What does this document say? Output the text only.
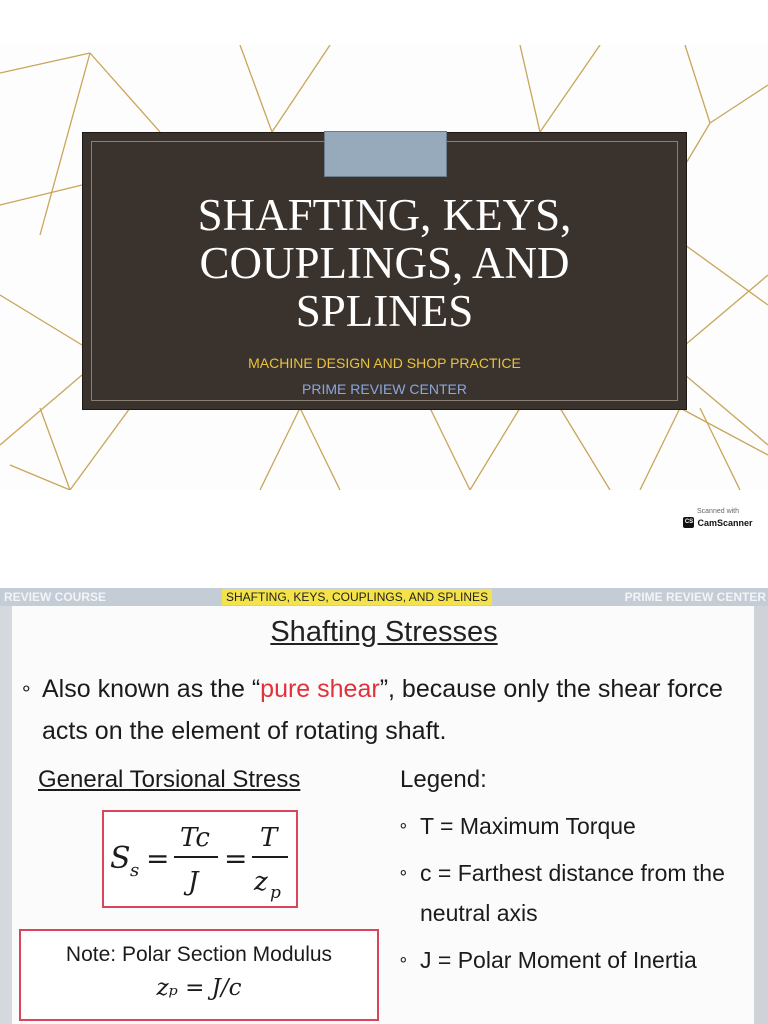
SHAFTING, KEYS,
COUPLINGS, AND
SPLINES
MACHINE DESIGN AND SHOP PRACTICE
PRIME REVIEW CENTER
Scanned with
CS CamScanner
REVIEW COURSE	SHAFTING, KEYS, COUPLINGS, AND SPLINES	PRIME REVIEW CENTER
Shafting Stresses
∘ Also known as the “pure shear”, because only the shear force acts on the element of rotating shaft.
General Torsional Stress
S s =
Tc
J
=
T
z p
Note: Polar Section Modulus
zₚ = J/c
Legend:
∘ T = Maximum Torque
∘ c = Farthest distance from the neutral axis
∘ J = Polar Moment of Inertia
